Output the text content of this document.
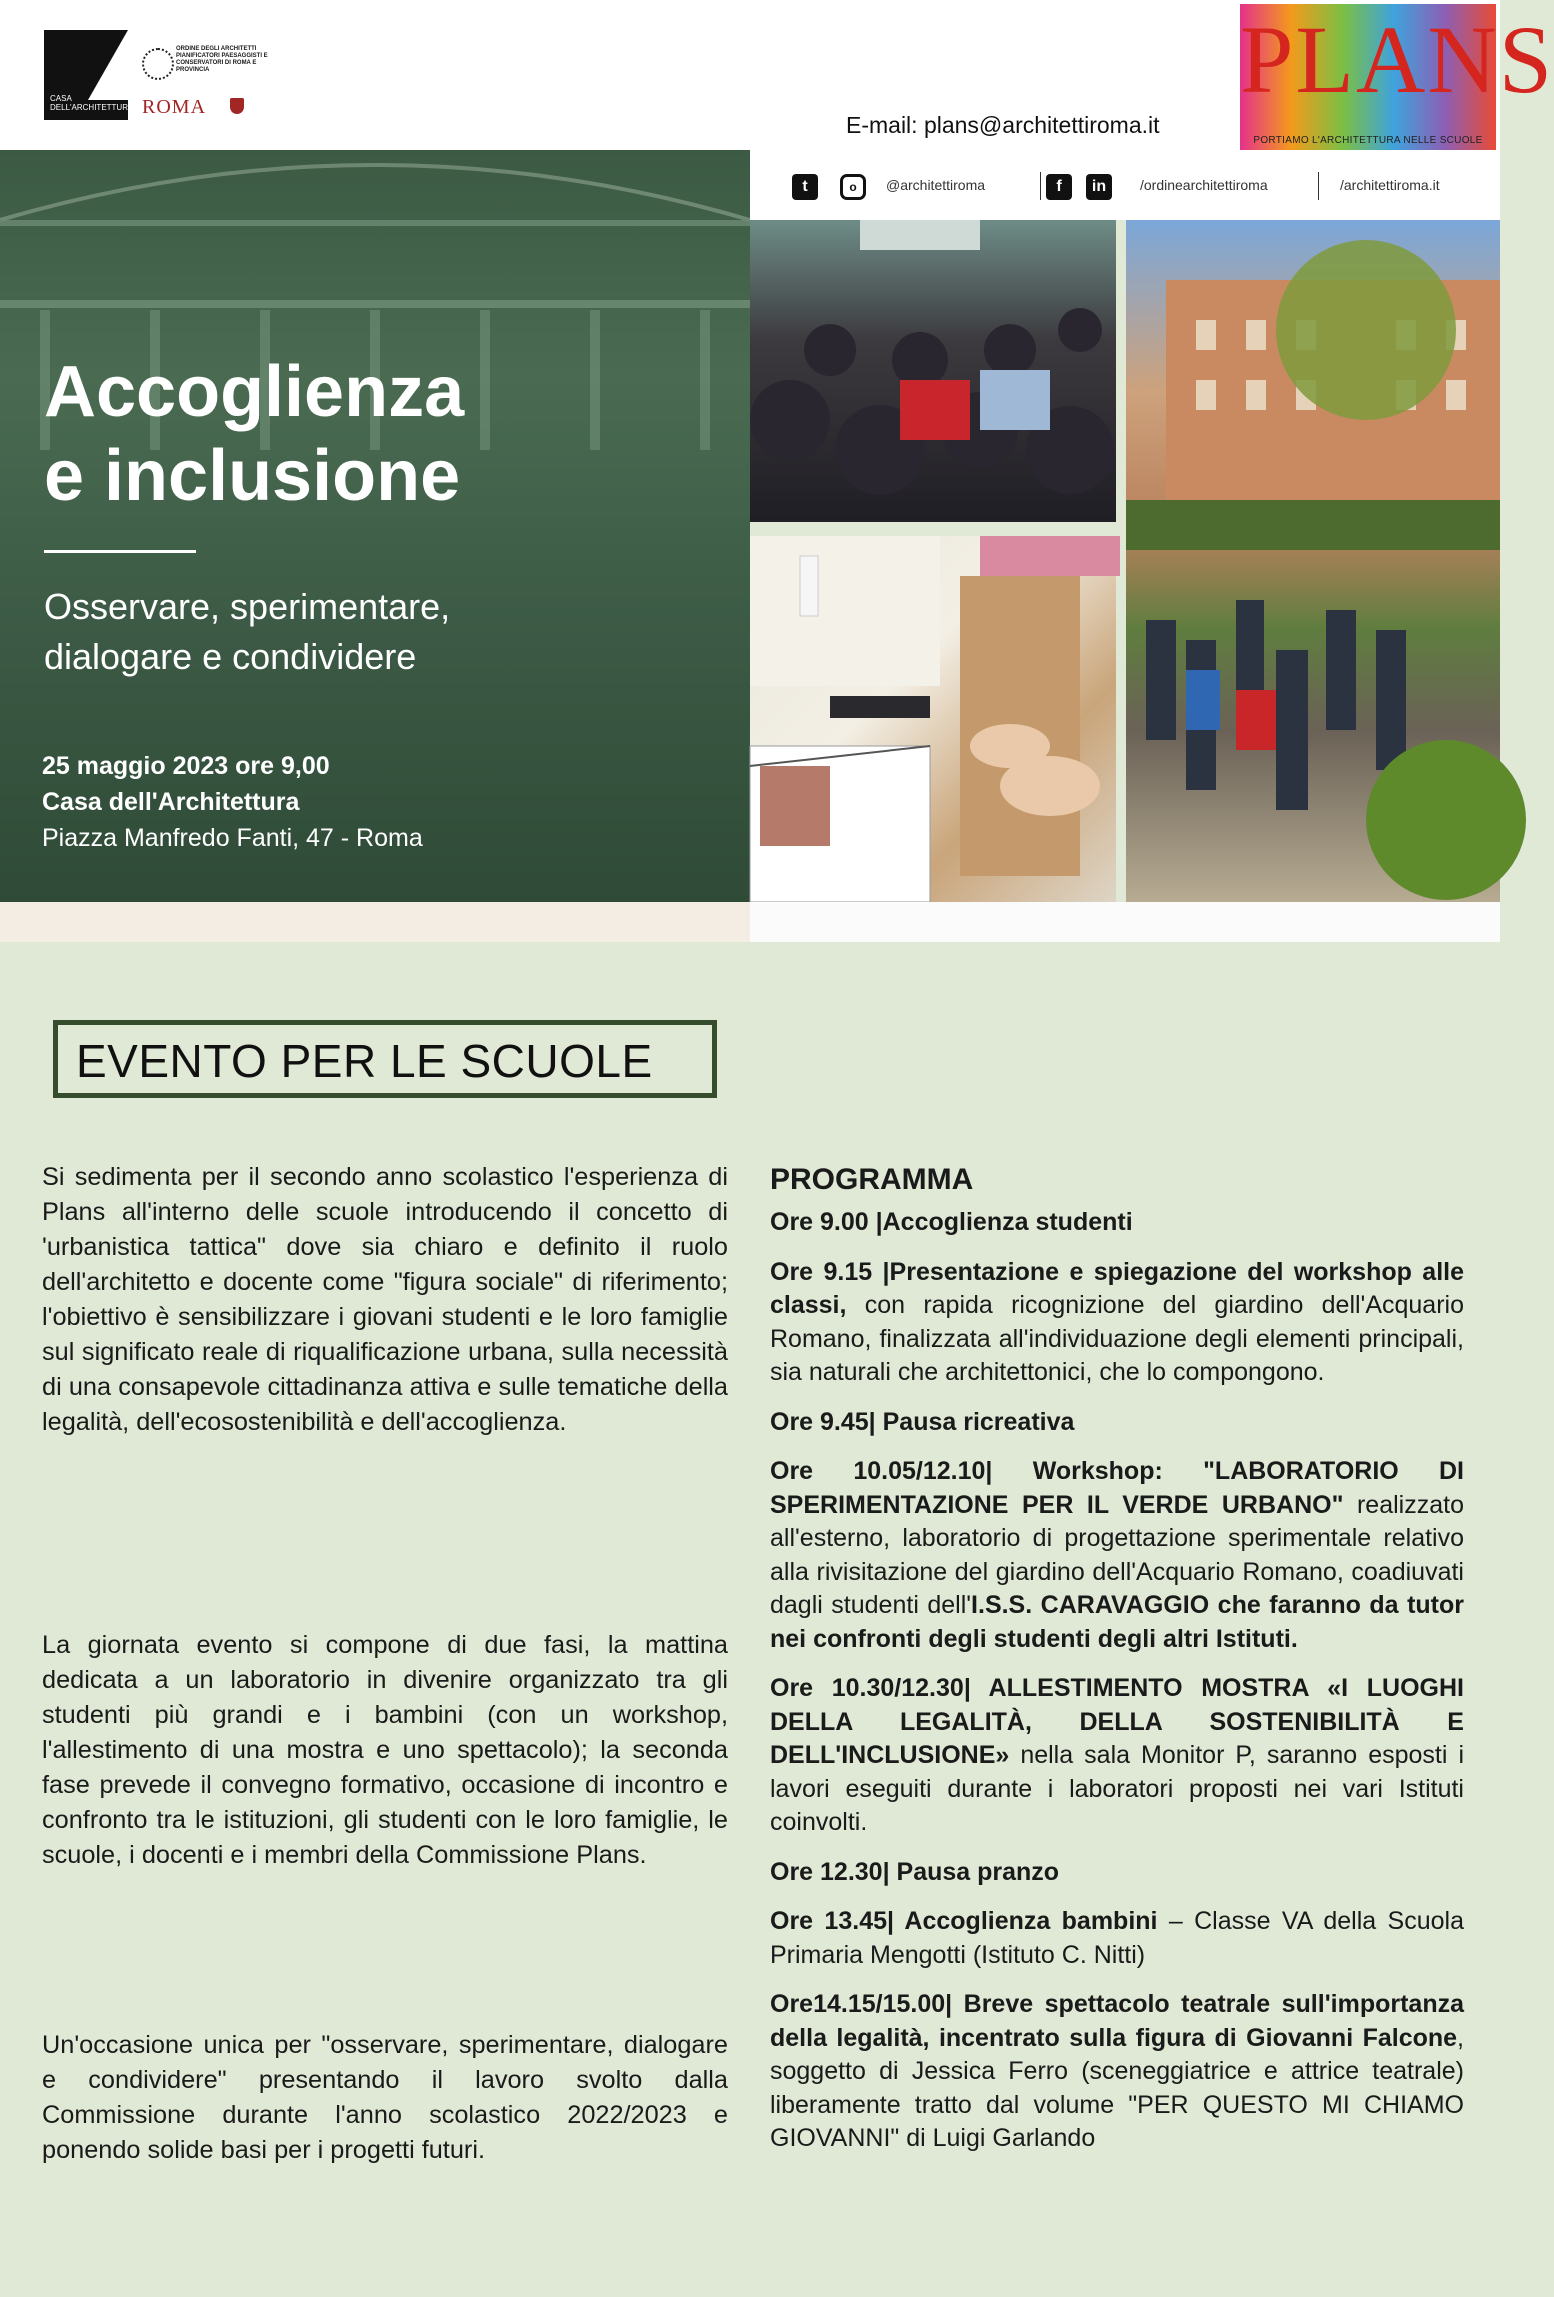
CASA DELL'ARCHITETTURA
ORDINE DEGLI ARCHITETTI PIANIFICATORI PAESAGGISTI E CONSERVATORI DI ROMA E PROVINCIA
ROMA	PLANS
PORTIAMO L'ARCHITETTURA NELLE SCUOLE
E-mail: plans@architettiroma.it
t	o	@architettiroma	f	in	/ordinearchitettiroma	/architettiroma.it
Accoglienza
e inclusione
Osservare, sperimentare,
dialogare e condividere
25 maggio 2023 ore 9,00
Casa dell'Architettura
Piazza Manfredo Fanti, 47 - Roma
EVENTO PER LE SCUOLE
Si sedimenta per il secondo anno scolastico l'esperienza di Plans all'interno delle scuole introducendo il concetto di 'urbanistica tattica" dove sia chiaro e definito il ruolo dell'architetto e docente come "figura sociale" di riferimento; l'obiettivo è sensibilizzare i giovani studenti e le loro famiglie sul significato reale di riqualificazione urbana, sulla necessità di una consapevole cittadinanza attiva e sulle tematiche della legalità, dell'ecosostenibilità e dell'accoglienza.
La giornata evento si compone di due fasi, la mattina dedicata a un laboratorio in divenire organizzato tra gli studenti più grandi e i bambini (con un workshop, l'allestimento di una mostra e uno spettacolo); la seconda fase prevede il convegno formativo, occasione di incontro e confronto tra le istituzioni, gli studenti con le loro famiglie, le scuole, i docenti e i membri della Commissione Plans.
Un'occasione unica per "osservare, sperimentare, dialogare e condividere" presentando il lavoro svolto dalla Commissione durante l'anno scolastico 2022/2023 e ponendo solide basi per i progetti futuri.
PROGRAMMA
Ore 9.00 |Accoglienza studenti
Ore 9.15 |Presentazione e spiegazione del workshop alle classi, con rapida ricognizione del giardino dell'Acquario Romano, finalizzata all'individuazione degli elementi principali, sia naturali che architettonici, che lo compongono.
Ore 9.45| Pausa ricreativa
Ore 10.05/12.10| Workshop: "LABORATORIO DI SPERIMENTAZIONE PER IL VERDE URBANO" realizzato all'esterno, laboratorio di progettazione sperimentale relativo alla rivisitazione del giardino dell'Acquario Romano, coadiuvati dagli studenti dell'I.S.S. CARAVAGGIO che faranno da tutor nei confronti degli studenti degli altri Istituti.
Ore 10.30/12.30| ALLESTIMENTO MOSTRA «I LUOGHI DELLA LEGALITÀ, DELLA SOSTENIBILITÀ E DELL'INCLUSIONE» nella sala Monitor P, saranno esposti i lavori eseguiti durante i laboratori proposti nei vari Istituti coinvolti.
Ore 12.30| Pausa pranzo
Ore 13.45| Accoglienza bambini – Classe VA della Scuola Primaria Mengotti (Istituto C. Nitti)
Ore14.15/15.00| Breve spettacolo teatrale sull'importanza della legalità, incentrato sulla figura di Giovanni Falcone, soggetto di Jessica Ferro (sceneggiatrice e attrice teatrale) liberamente tratto dal volume "PER QUESTO MI CHIAMO GIOVANNI" di Luigi Garlando
